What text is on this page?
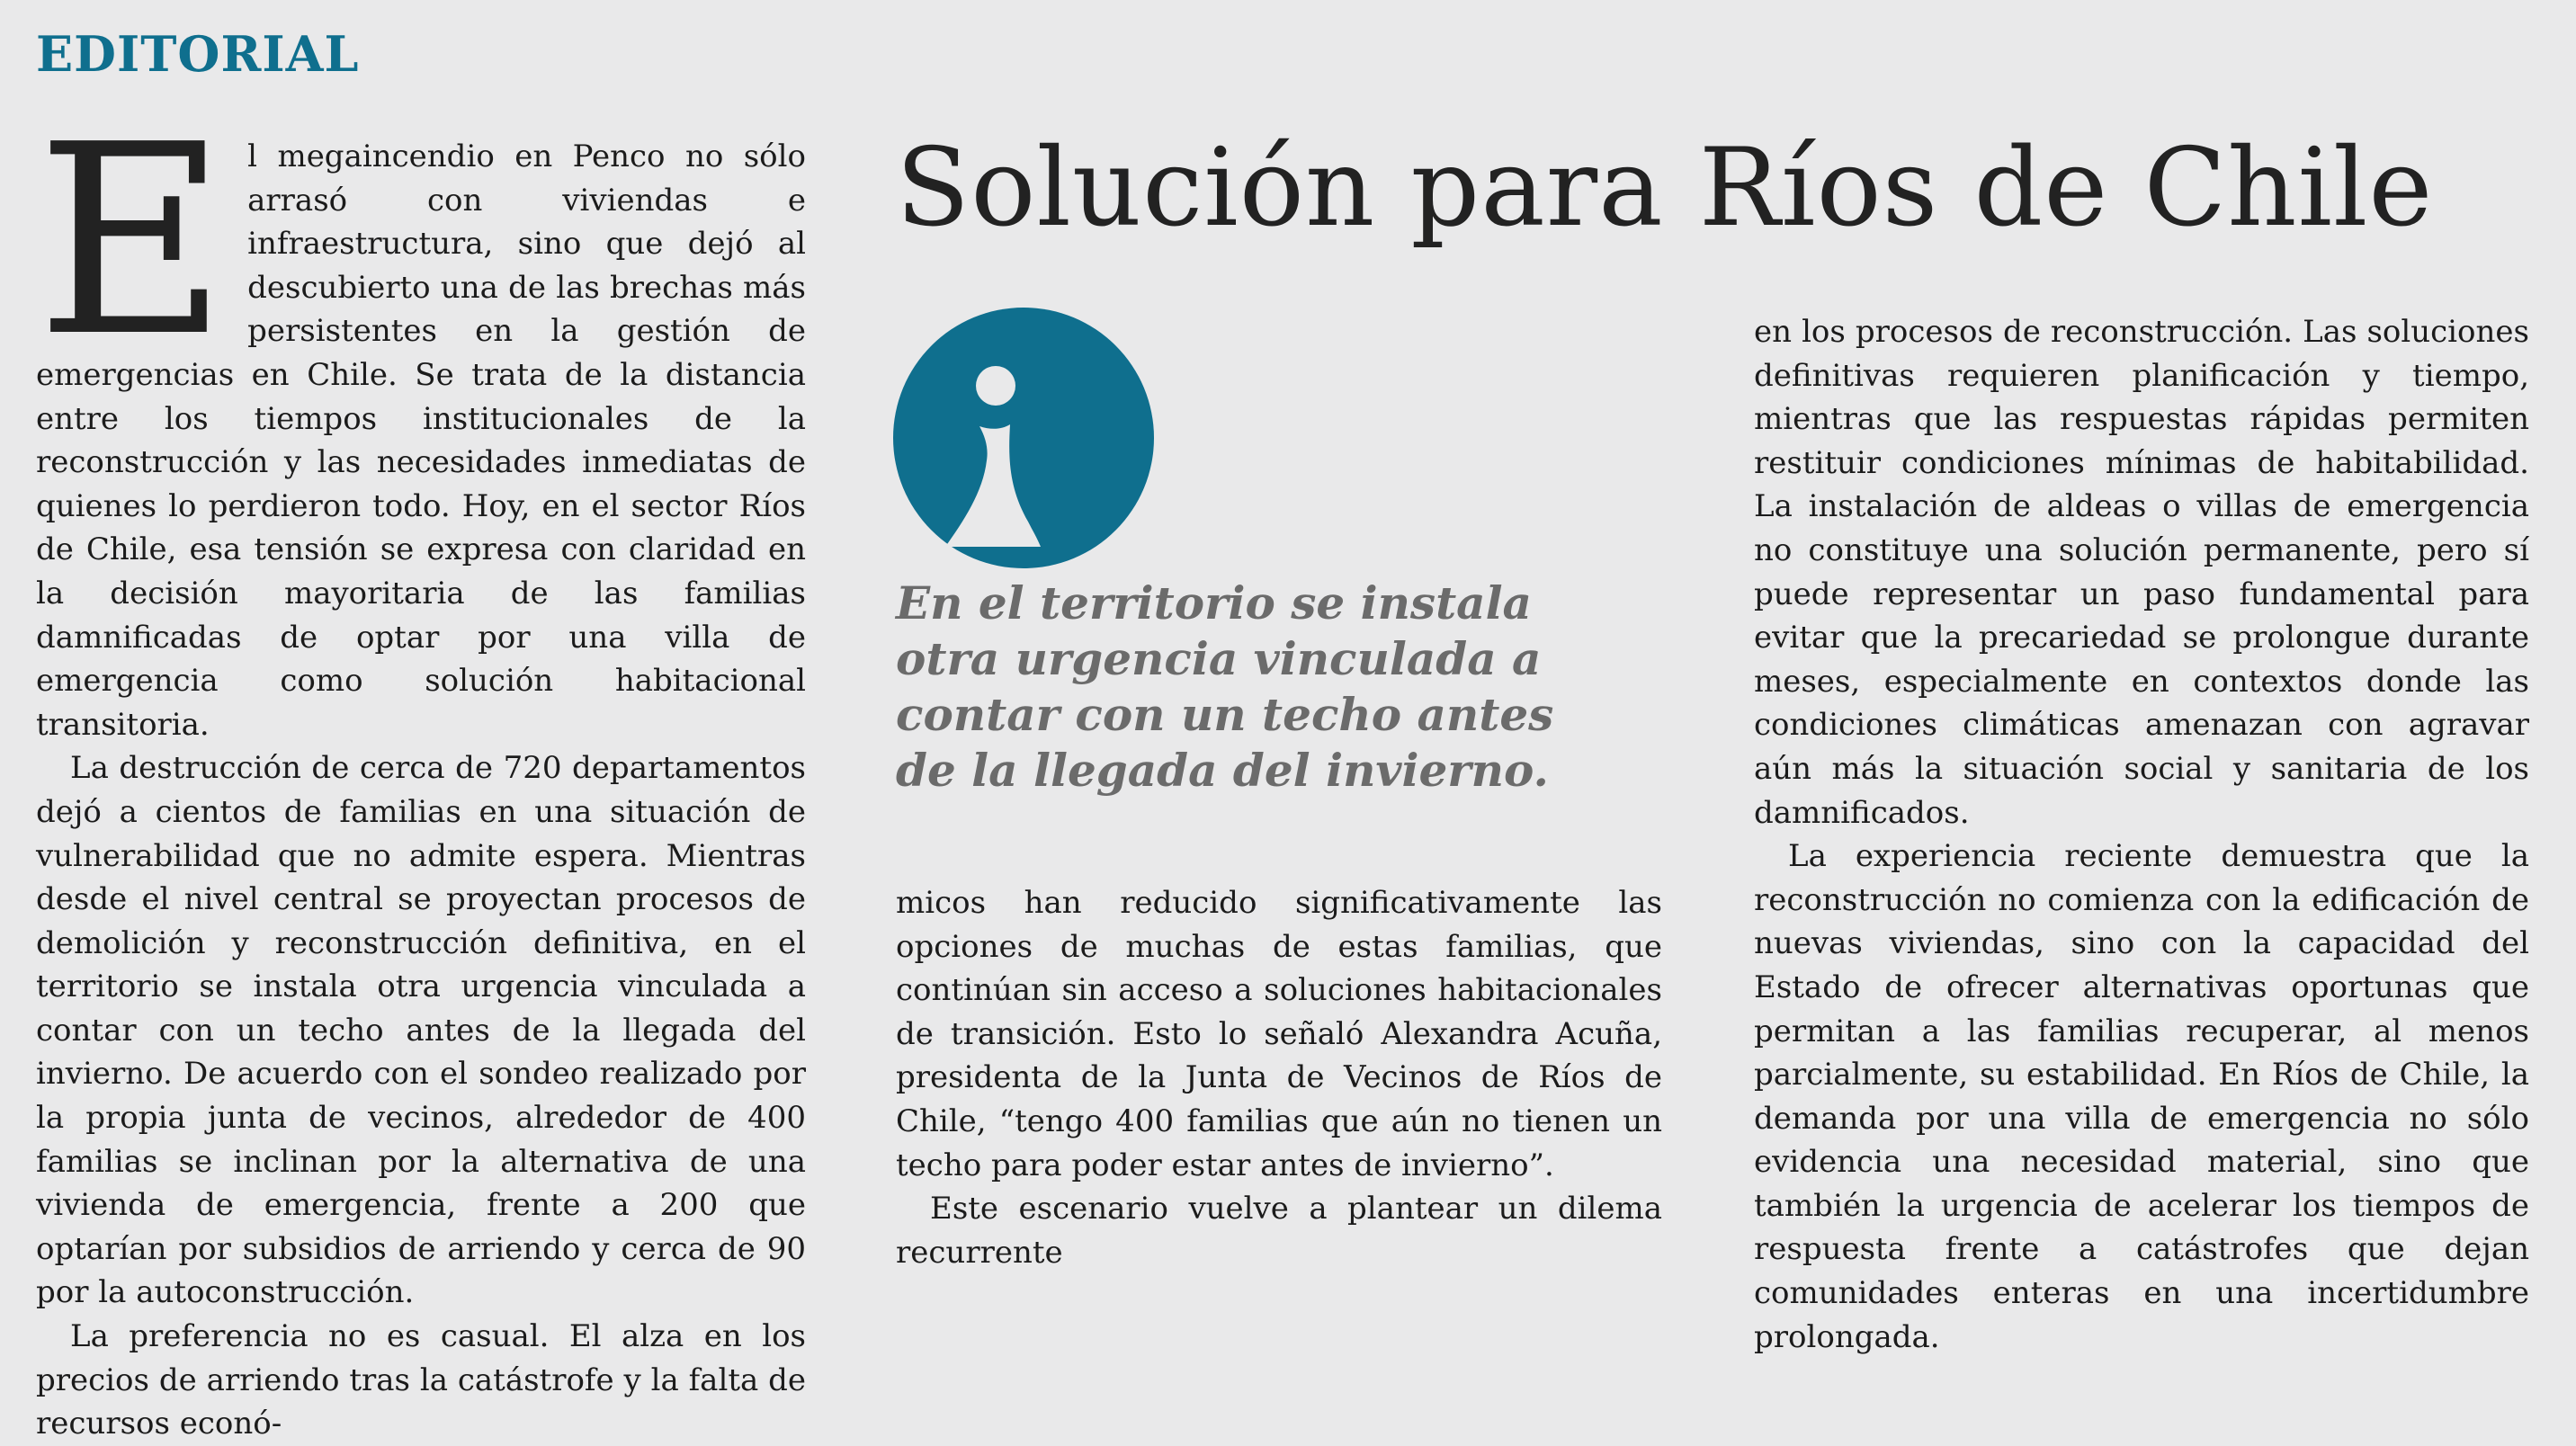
EDITORIAL
Solución para Ríos de Chile
En el territorio se instala otra urgencia vinculada a contar con un techo antes de la llegada del invierno.
E l megaincendio en Penco no sólo arrasó con viviendas e infraestructura, sino que dejó al descubierto una de las brechas más persistentes en la gestión de emergencias en Chile. Se trata de la distancia entre los tiempos institucionales de la reconstrucción y las necesidades inmediatas de quienes lo perdieron todo. Hoy, en el sector Ríos de Chile, esa tensión se expresa con claridad en la decisión mayoritaria de las familias damnificadas de optar por una villa de emergencia como solución habitacional transitoria.

La destrucción de cerca de 720 departamentos dejó a cientos de familias en una situación de vulnerabilidad que no admite espera. Mientras desde el nivel central se proyectan procesos de demolición y reconstrucción definitiva, en el territorio se instala otra urgencia vinculada a contar con un techo antes de la llegada del invierno. De acuerdo con el sondeo realizado por la propia junta de vecinos, alrededor de 400 familias se inclinan por la alternativa de una vivienda de emergencia, frente a 200 que optarían por subsidios de arriendo y cerca de 90 por la autoconstrucción.

La preferencia no es casual. El alza en los precios de arriendo tras la catástrofe y la falta de recursos econó-

micos han reducido significativamente las opciones de muchas de estas familias, que continúan sin acceso a soluciones habitacionales de transición. Esto lo señaló Alexandra Acuña, presidenta de la Junta de Vecinos de Ríos de Chile, “tengo 400 familias que aún no tienen un techo para poder estar antes de invierno”.

Este escenario vuelve a plantear un dilema recurrente

en los procesos de reconstrucción. Las soluciones definitivas requieren planificación y tiempo, mientras que las respuestas rápidas permiten restituir condiciones mínimas de habitabilidad. La instalación de aldeas o villas de emergencia no constituye una solución permanente, pero sí puede representar un paso fundamental para evitar que la precariedad se prolongue durante meses, especialmente en contextos donde las condiciones climáticas amenazan con agravar aún más la situación social y sanitaria de los damnificados.

La experiencia reciente demuestra que la reconstrucción no comienza con la edificación de nuevas viviendas, sino con la capacidad del Estado de ofrecer alternativas oportunas que permitan a las familias recuperar, al menos parcialmente, su estabilidad. En Ríos de Chile, la demanda por una villa de emergencia no sólo evidencia una necesidad material, sino que también la urgencia de acelerar los tiempos de respuesta frente a catástrofes que dejan comunidades enteras en una incertidumbre prolongada.
